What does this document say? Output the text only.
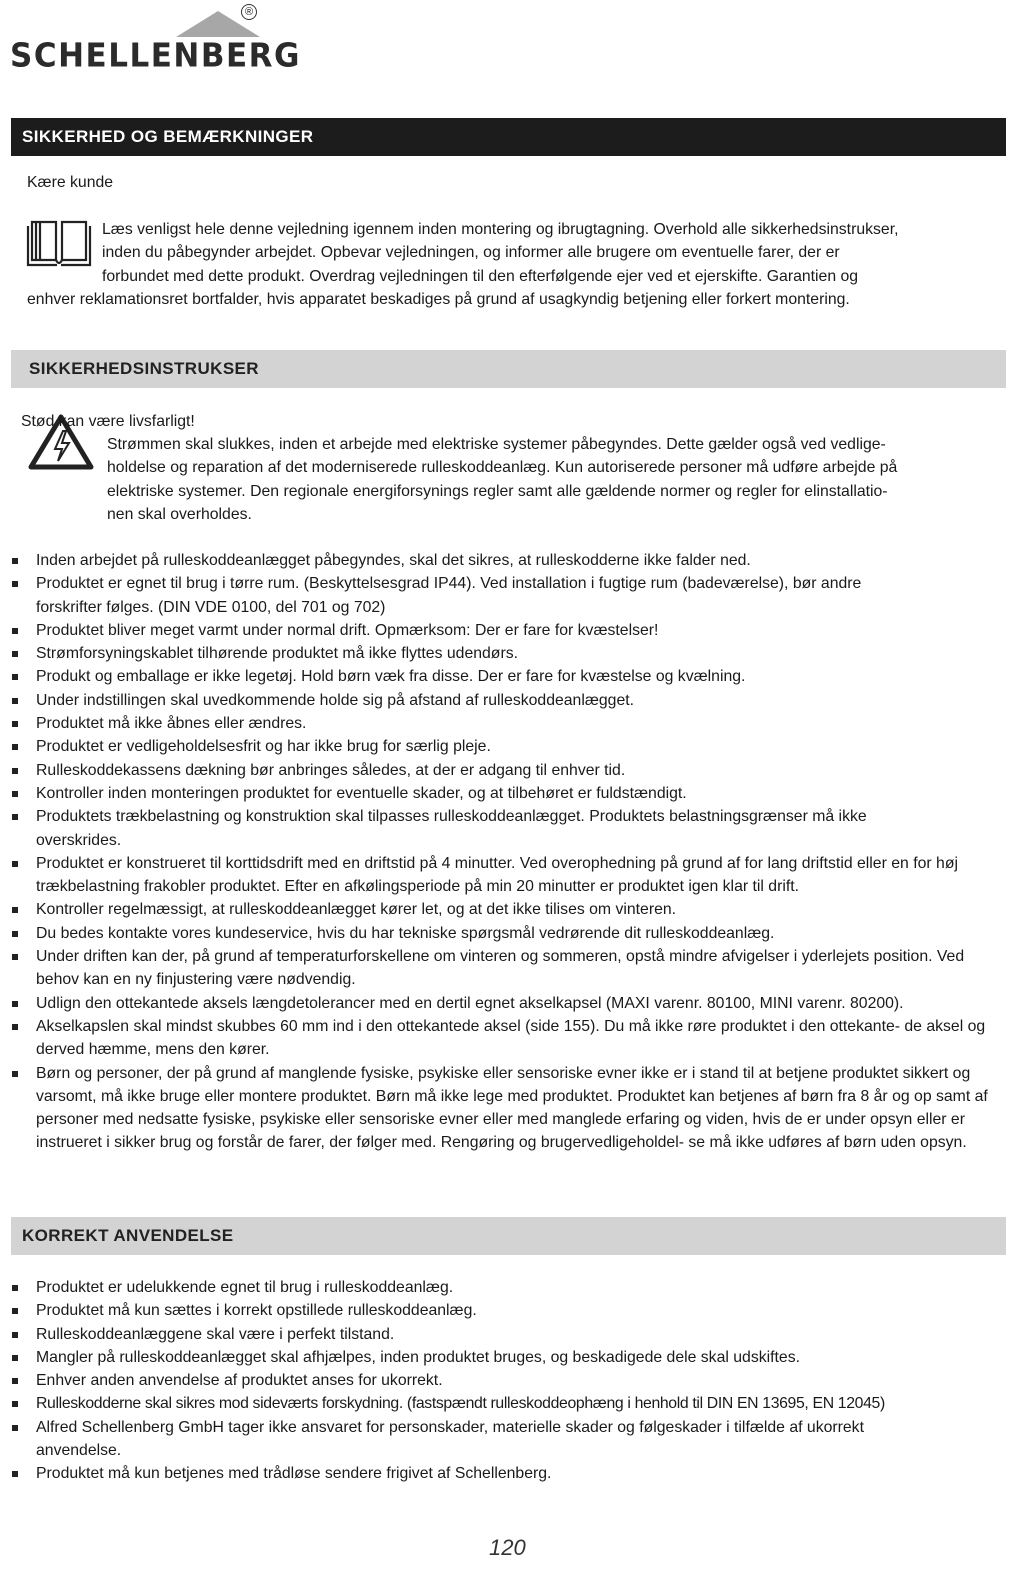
®
SCHELLENBERG
SIKKERHED OG BEMÆRKNINGER
Kære kunde
Læs venligst hele denne vejledning igennem inden montering og ibrugtagning. Overhold alle sikkerhedsinstrukser,
inden du påbegynder arbejdet. Opbevar vejledningen, og informer alle brugere om eventuelle farer, der er
forbundet med dette produkt. Overdrag vejledningen til den efterfølgende ejer ved et ejerskifte. Garantien og
enhver reklamationsret bortfalder, hvis apparatet beskadiges på grund af usagkyndig betjening eller forkert montering.
SIKKERHEDSINSTRUKSER
Stød kan være livsfarligt!
Strømmen skal slukkes, inden et arbejde med elektriske systemer påbegyndes. Dette gælder også ved vedlige-
holdelse og reparation af det moderniserede rulleskoddeanlæg. Kun autoriserede personer må udføre arbejde på
elektriske systemer. Den regionale energiforsynings regler samt alle gældende normer og regler for elinstallatio-
nen skal overholdes.
Inden arbejdet på rulleskoddeanlægget påbegyndes, skal det sikres, at rulleskodderne ikke falder ned.
Produktet er egnet til brug i tørre rum. (Beskyttelsesgrad IP44). Ved installation i fugtige rum (badeværelse), bør andre forskrifter følges. (DIN VDE 0100, del 701 og 702)
Produktet bliver meget varmt under normal drift. Opmærksom: Der er fare for kvæstelser!
Strømforsyningskablet tilhørende produktet må ikke flyttes udendørs.
Produkt og emballage er ikke legetøj. Hold børn væk fra disse. Der er fare for kvæstelse og kvælning.
Under indstillingen skal uvedkommende holde sig på afstand af rulleskoddeanlægget.
Produktet må ikke åbnes eller ændres.
Produktet er vedligeholdelsesfrit og har ikke brug for særlig pleje.
Rulleskoddekassens dækning bør anbringes således, at der er adgang til enhver tid.
Kontroller inden monteringen produktet for eventuelle skader, og at tilbehøret er fuldstændigt.
Produktets trækbelastning og konstruktion skal tilpasses rulleskoddeanlægget. Produktets belastningsgrænser må ikke overskrides.
Produktet er konstrueret til korttidsdrift med en driftstid på 4 minutter. Ved overophedning på grund af for lang driftstid eller en for høj trækbelastning frakobler produktet. Efter en afkølingsperiode på min 20 minutter er produktet igen klar til drift.
Kontroller regelmæssigt, at rulleskoddeanlægget kører let, og at det ikke tilises om vinteren.
Du bedes kontakte vores kundeservice, hvis du har tekniske spørgsmål vedrørende dit rulleskoddeanlæg.
Under driften kan der, på grund af temperaturforskellene om vinteren og sommeren, opstå mindre afvigelser i yderlejets position. Ved behov kan en ny finjustering være nødvendig.
Udlign den ottekantede aksels længdetolerancer med en dertil egnet akselkapsel (MAXI varenr. 80100, MINI varenr. 80200).
Akselkapslen skal mindst skubbes 60 mm ind i den ottekantede aksel (side 155). Du må ikke røre produktet i den ottekante- de aksel og derved hæmme, mens den kører.
Børn og personer, der på grund af manglende fysiske, psykiske eller sensoriske evner ikke er i stand til at betjene produktet sikkert og varsomt, må ikke bruge eller montere produktet. Børn må ikke lege med produktet. Produktet kan betjenes af børn fra 8 år og op samt af personer med nedsatte fysiske, psykiske eller sensoriske evner eller med manglede erfaring og viden, hvis de er under opsyn eller er instrueret i sikker brug og forstår de farer, der følger med. Rengøring og brugervedligeholdel- se må ikke udføres af børn uden opsyn.
KORREKT ANVENDELSE
Produktet er udelukkende egnet til brug i rulleskoddeanlæg.
Produktet må kun sættes i korrekt opstillede rulleskoddeanlæg.
Rulleskoddeanlæggene skal være i perfekt tilstand.
Mangler på rulleskoddeanlægget skal afhjælpes, inden produktet bruges, og beskadigede dele skal udskiftes.
Enhver anden anvendelse af produktet anses for ukorrekt.
Rulleskodderne skal sikres mod sideværts forskydning. (fastspændt rulleskoddeophæng i henhold til DIN EN 13695, EN 12045)
Alfred Schellenberg GmbH tager ikke ansvaret for personskader, materielle skader og følgeskader i tilfælde af ukorrekt anvendelse.
Produktet må kun betjenes med trådløse sendere frigivet af Schellenberg.
120
